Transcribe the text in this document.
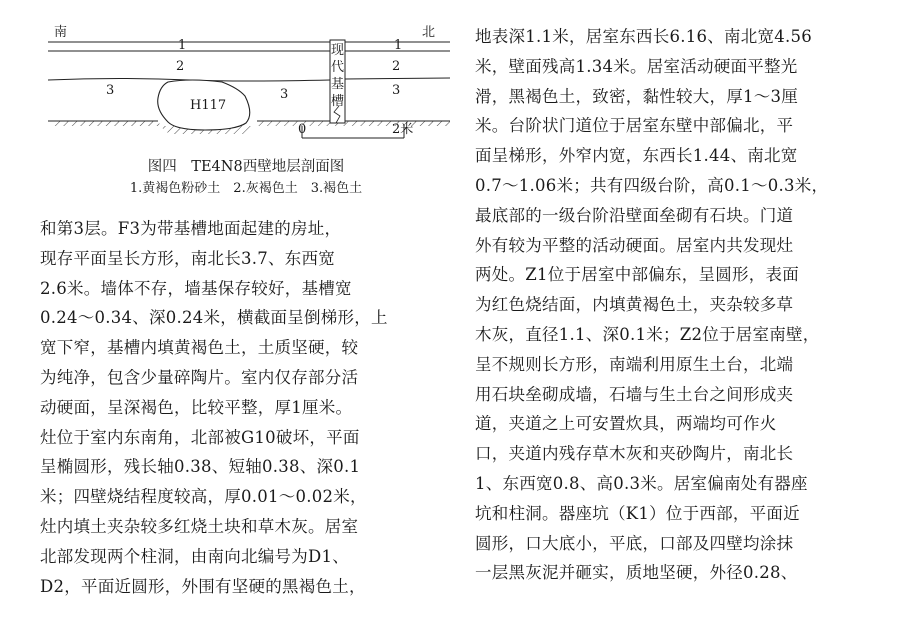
南	北
1
2
3
H117
3
现
代
基
槽
1
2
3
0	2米
图四　TE4N8西壁地层剖面图
1.黄褐色粉砂土　2.灰褐色土　3.褐色土
和第3层。F3为带基槽地面起建的房址，
现存平面呈长方形，南北长3.7、东西宽
2.6米。墙体不存，墙基保存较好，基槽宽
0.24～0.34、深0.24米，横截面呈倒梯形，上
宽下窄，基槽内填黄褐色土，土质坚硬，较
为纯净，包含少量碎陶片。室内仅存部分活
动硬面，呈深褐色，比较平整，厚1厘米。
灶位于室内东南角，北部被G10破坏，平面
呈椭圆形，残长轴0.38、短轴0.38、深0.1
米；四壁烧结程度较高，厚0.01～0.02米，
灶内填土夹杂较多红烧土块和草木灰。居室
北部发现两个柱洞，由南向北编号为D1、
D2，平面近圆形，外围有坚硬的黑褐色土，
地表深1.1米，居室东西长6.16、南北宽4.56
米，壁面残高1.34米。居室活动硬面平整光
滑，黑褐色土，致密，黏性较大，厚1～3厘
米。台阶状门道位于居室东壁中部偏北，平
面呈梯形，外窄内宽，东西长1.44、南北宽
0.7～1.06米；共有四级台阶，高0.1～0.3米，
最底部的一级台阶沿壁面垒砌有石块。门道
外有较为平整的活动硬面。居室内共发现灶
两处。Z1位于居室中部偏东，呈圆形，表面
为红色烧结面，内填黄褐色土，夹杂较多草
木灰，直径1.1、深0.1米；Z2位于居室南壁，
呈不规则长方形，南端利用原生土台，北端
用石块垒砌成墙，石墙与生土台之间形成夹
道，夹道之上可安置炊具，两端均可作火
口，夹道内残存草木灰和夹砂陶片，南北长
1、东西宽0.8、高0.3米。居室偏南处有器座
坑和柱洞。器座坑（K1）位于西部，平面近
圆形，口大底小，平底，口部及四壁均涂抹
一层黑灰泥并砸实，质地坚硬，外径0.28、
